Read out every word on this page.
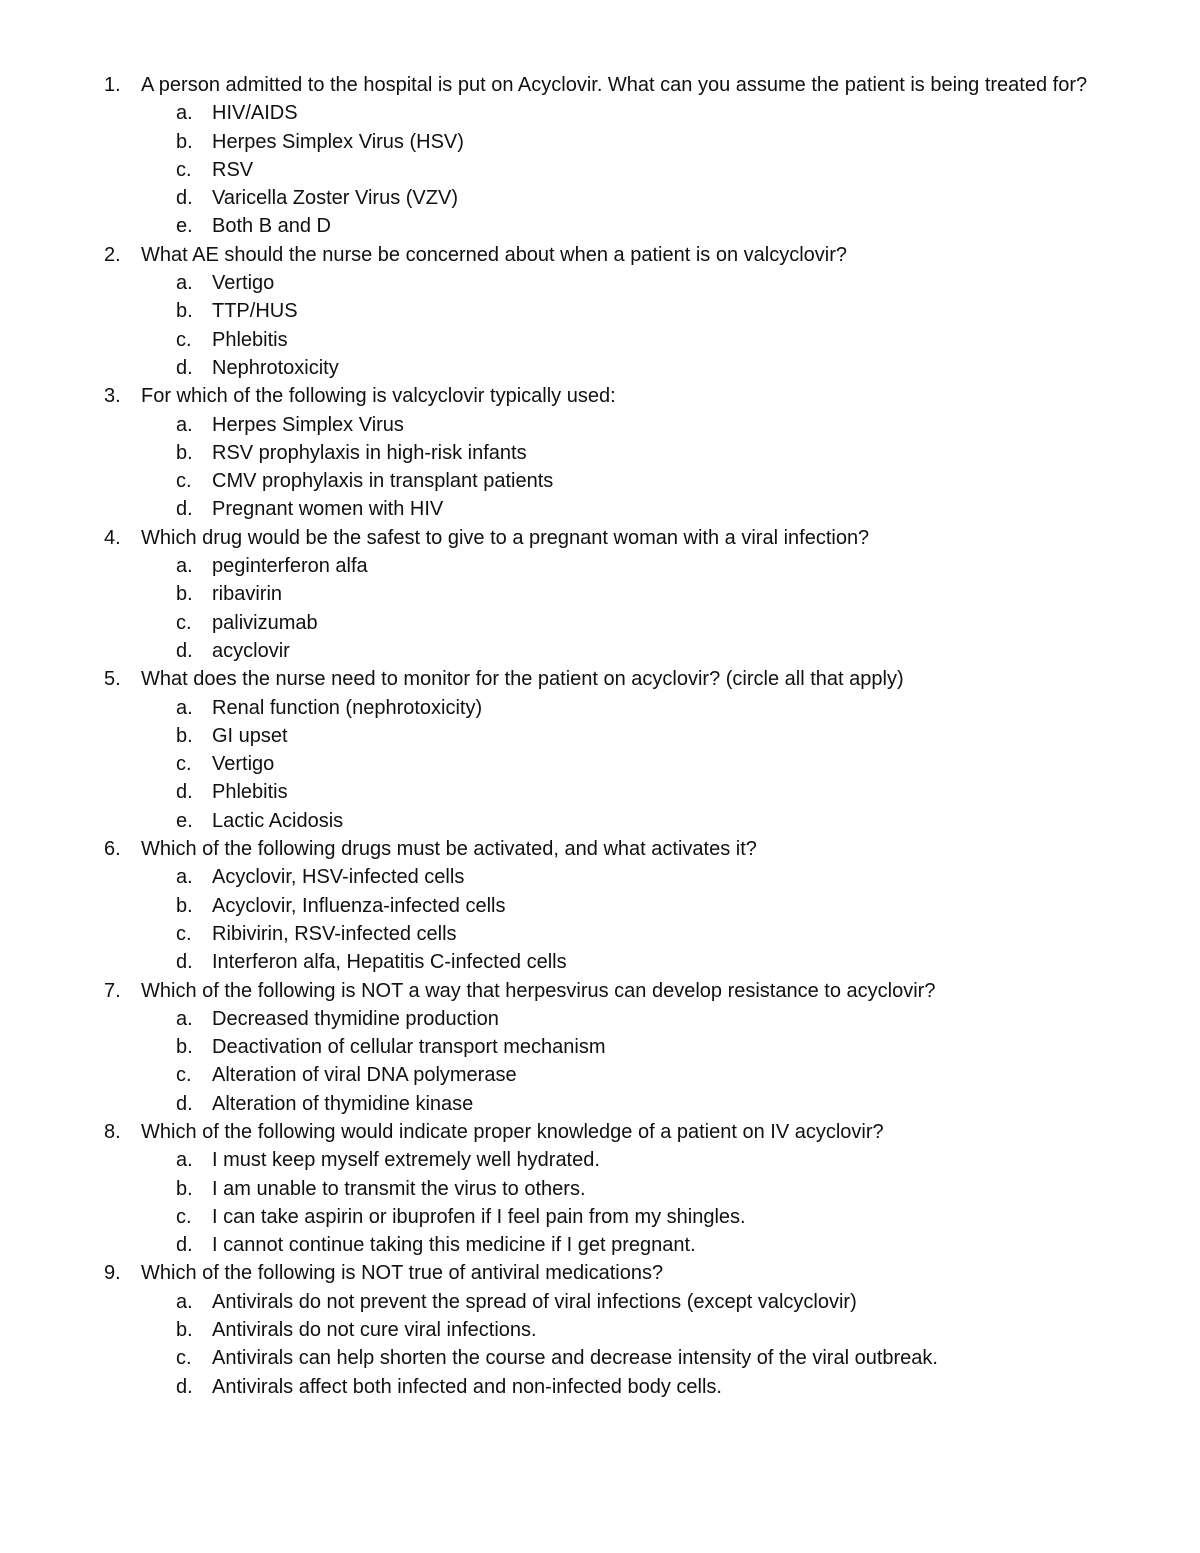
1.	A person admitted to the hospital is put on Acyclovir. What can you assume the patient is being treated for?
a. HIV/AIDS
b. Herpes Simplex Virus (HSV)
c.	RSV
d. Varicella Zoster Virus (VZV)
e. Both B and D
2.	What AE should the nurse be concerned about when a patient is on valcyclovir?
a. Vertigo
b. TTP/HUS
c.	Phlebitis
d. Nephrotoxicity
3.	For which of the following is valcyclovir typically used:
a. Herpes Simplex Virus
b. RSV prophylaxis in high-risk infants
c.	CMV prophylaxis in transplant patients
d. Pregnant women with HIV
4.	Which drug would be the safest to give to a pregnant woman with a viral infection?
a. peginterferon alfa
b. ribavirin
c.	palivizumab
d. acyclovir
5.	What does the nurse need to monitor for the patient on acyclovir? (circle all that apply)
a. Renal function (nephrotoxicity)
b. GI upset
c.	Vertigo
d. Phlebitis
e. Lactic Acidosis
6.	Which of the following drugs must be activated, and what activates it?
a. Acyclovir, HSV-infected cells
b. Acyclovir, Influenza-infected cells
c.	Ribivirin, RSV-infected cells
d. Interferon alfa, Hepatitis C-infected cells
7.	Which of the following is NOT a way that herpesvirus can develop resistance to acyclovir?
a. Decreased thymidine production
b. Deactivation of cellular transport mechanism
c.	Alteration of viral DNA polymerase
d. Alteration of thymidine kinase
8.	Which of the following would indicate proper knowledge of a patient on IV acyclovir?
a. I must keep myself extremely well hydrated.
b. I am unable to transmit the virus to others.
c.	I can take aspirin or ibuprofen if I feel pain from my shingles.
d. I cannot continue taking this medicine if I get pregnant.
9.	Which of the following is NOT true of antiviral medications?
a. Antivirals do not prevent the spread of viral infections (except valcyclovir)
b. Antivirals do not cure viral infections.
c.	Antivirals can help shorten the course and decrease intensity of the viral outbreak.
d. Antivirals affect both infected and non-infected body cells.
